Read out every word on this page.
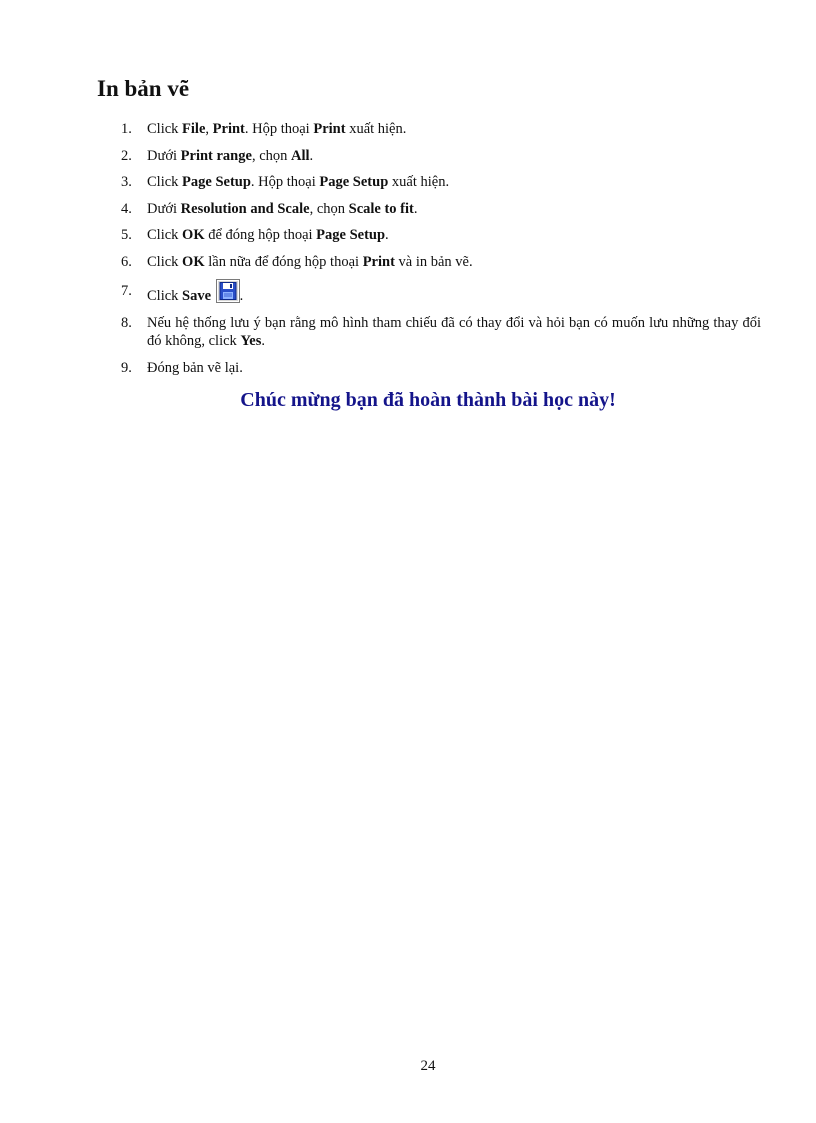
In bản vẽ
1. Click File, Print. Hộp thoại Print xuất hiện.
2. Dưới Print range, chọn All.
3. Click Page Setup. Hộp thoại Page Setup xuất hiện.
4. Dưới Resolution and Scale, chọn Scale to fit.
5. Click OK để đóng hộp thoại Page Setup.
6. Click OK lần nữa để đóng hộp thoại Print và in bản vẽ.
7. Click Save .
8. Nếu hệ thống lưu ý bạn rằng mô hình tham chiếu đã có thay đổi và hỏi bạn có muốn lưu những thay đổi đó không, click Yes.
9. Đóng bản vẽ lại.

Chúc mừng bạn đã hoàn thành bài học này!

24
